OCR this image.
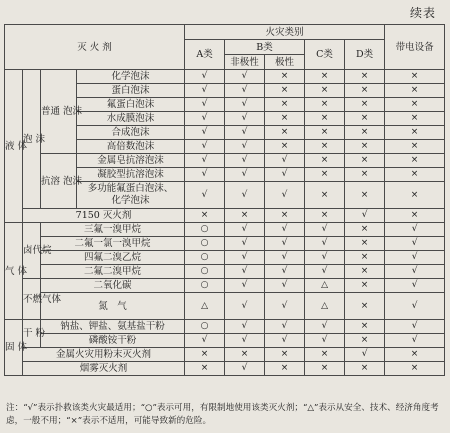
续表
灭 火 剂				火灾类别					带电设备
				A类	B类		C类	D类	
					非极性	极性			
液 体	泡 沫	普通 泡沫	化学泡沫	√	√	×	×	×	×
			蛋白泡沫	√	√	×	×	×	×
			氟蛋白泡沫	√	√	×	×	×	×
			水成膜泡沫	√	√	×	×	×	×
			合成泡沫	√	√	×	×	×	×
			高倍数泡沫	√	√	×	×	×	×
		抗溶 泡沫	金属皂抗溶泡沫	√	√	√	×	×	×
			凝胶型抗溶泡沫	√	√	√	×	×	×
			多功能氟蛋白泡沫、
化学泡沫	√	√	√	×	×	×
	7150 灭火剂			×	×	×	×	√	×
气 体	卤代烷	三氟一溴甲烷		○	√	√	√	×	√
		二氟一氯一溴甲烷		○	√	√	√	×	√
		四氟二溴乙烷		○	√	√	√	×	√
		二氟二溴甲烷		○	√	√	√	×	√
	不燃气体	二氧化碳		○	√	√	△	×	√
		氮　气		△	√	√	△	×	√
固 体	干 粉	钠盐、钾盐、氨基盐干粉		○	√	√	√	×	√
		磷酸铵干粉		√	√	√	√	×	√
	金属火灾用粉末灭火剂			×	×	×	×	√	×
	烟雾灭火剂			×	√	×	×	×	×
注：“√”表示扑救该类火灾最适用；“○”表示可用，有限制地使用该类灭火剂；“△”表示从安全、技术、经济角度考虑，一般不用；“×”表示不适用，可能导致新的危险。
